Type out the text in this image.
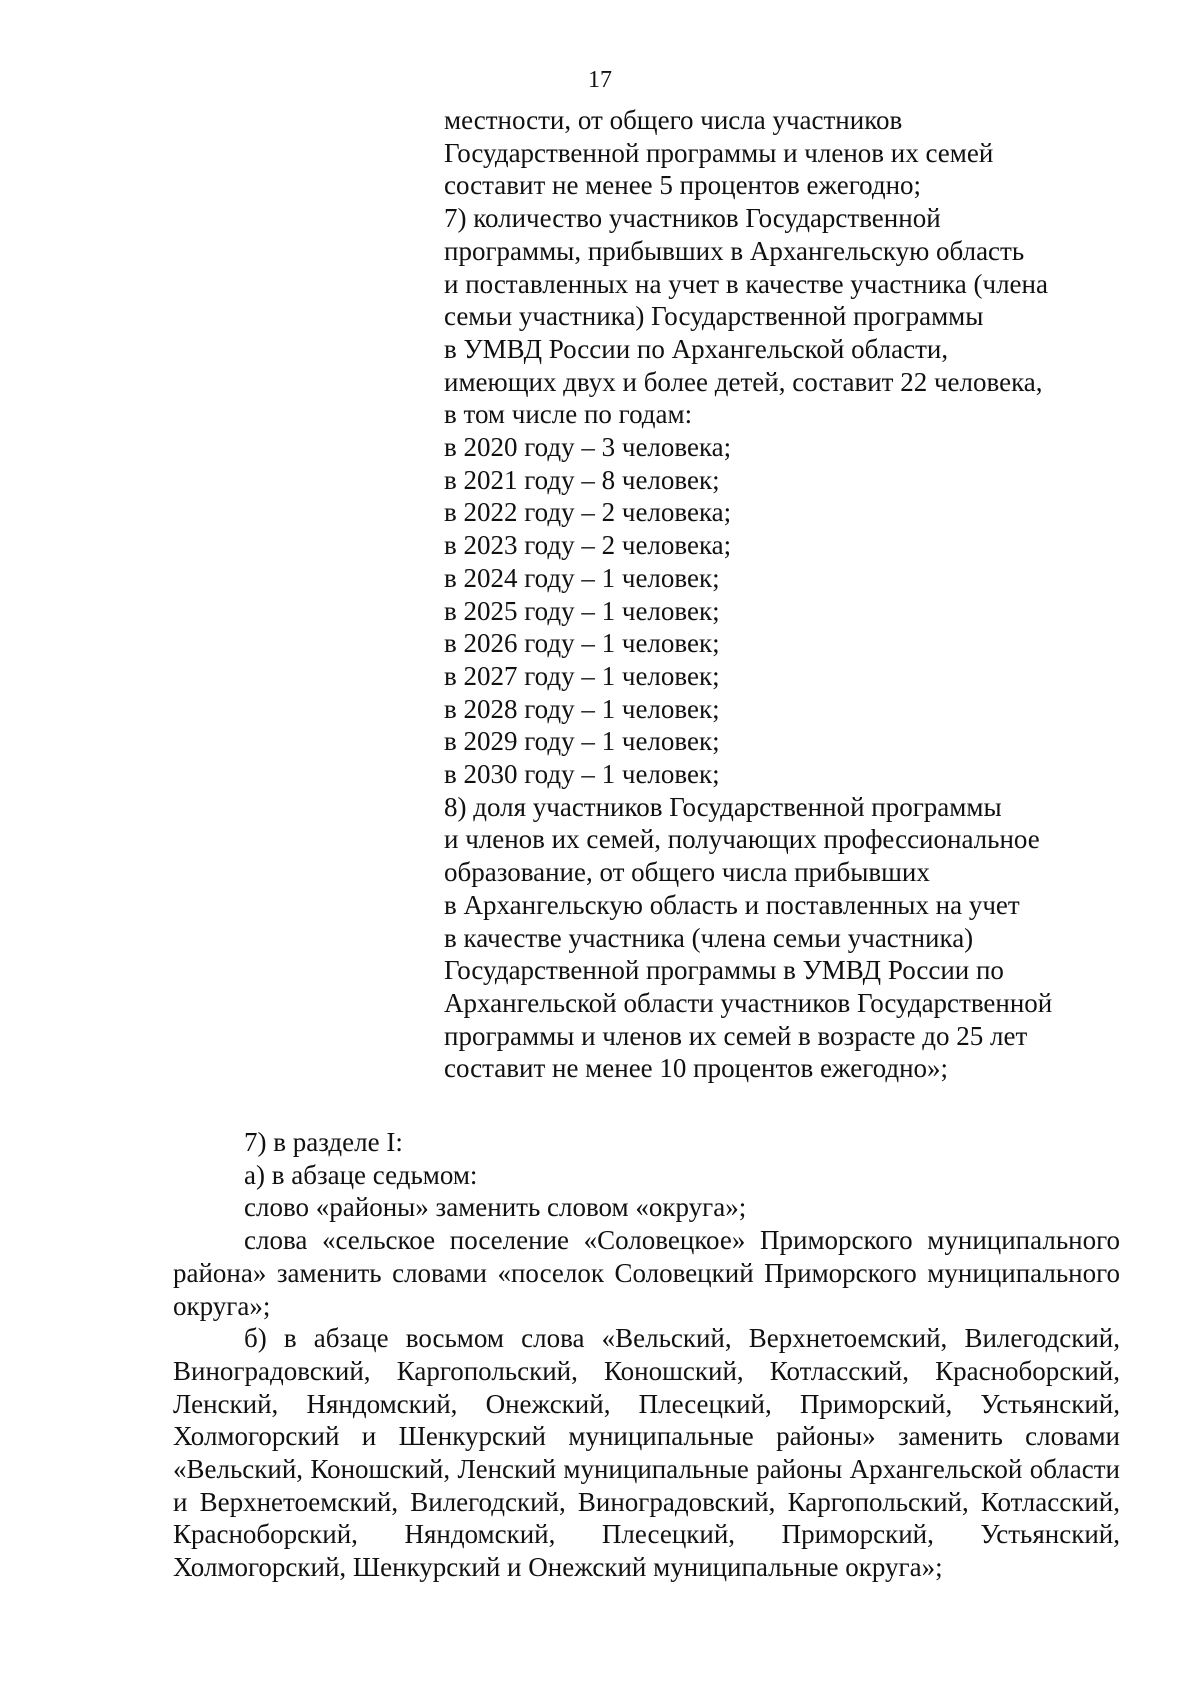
17
местности, от общего числа участников
Государственной программы и членов их семей
составит не менее 5 процентов ежегодно;
7) количество участников Государственной
программы, прибывших в Архангельскую область
и поставленных на учет в качестве участника (члена
семьи участника) Государственной программы
в УМВД России по Архангельской области,
имеющих двух и более детей, составит 22 человека,
в том числе по годам:
в 2020 году – 3 человека;
в 2021 году – 8 человек;
в 2022 году – 2 человека;
в 2023 году – 2 человека;
в 2024 году – 1 человек;
в 2025 году – 1 человек;
в 2026 году – 1 человек;
в 2027 году – 1 человек;
в 2028 году – 1 человек;
в 2029 году – 1 человек;
в 2030 году – 1 человек;
8) доля участников Государственной программы
и членов их семей, получающих профессиональное
образование, от общего числа прибывших
в Архангельскую область и поставленных на учет
в качестве участника (члена семьи участника)
Государственной программы в УМВД России по
Архангельской области участников Государственной
программы и членов их семей в возрасте до 25 лет
составит не менее 10 процентов ежегодно»;

7) в разделе I:

а) в абзаце седьмом:

слово «районы» заменить словом «округа»;

слова «сельское поселение «Соловецкое» Приморского муниципального района» заменить словами «поселок Соловецкий Приморского муниципального округа»;

б) в абзаце восьмом слова «Вельский, Верхнетоемский, Вилегодский, Виноградовский, Каргопольский, Коношский, Котласский, Красноборский, Ленский, Няндомский, Онежский, Плесецкий, Приморский, Устьянский, Холмогорский и Шенкурский муниципальные районы» заменить словами «Вельский, Коношский, Ленский муниципальные районы Архангельской области и Верхнетоемский, Вилегодский, Виноградовский, Каргопольский, Котласский, Красноборский, Няндомский, Плесецкий, Приморский, Устьянский, Холмогорский, Шенкурский и Онежский муниципальные округа»;
